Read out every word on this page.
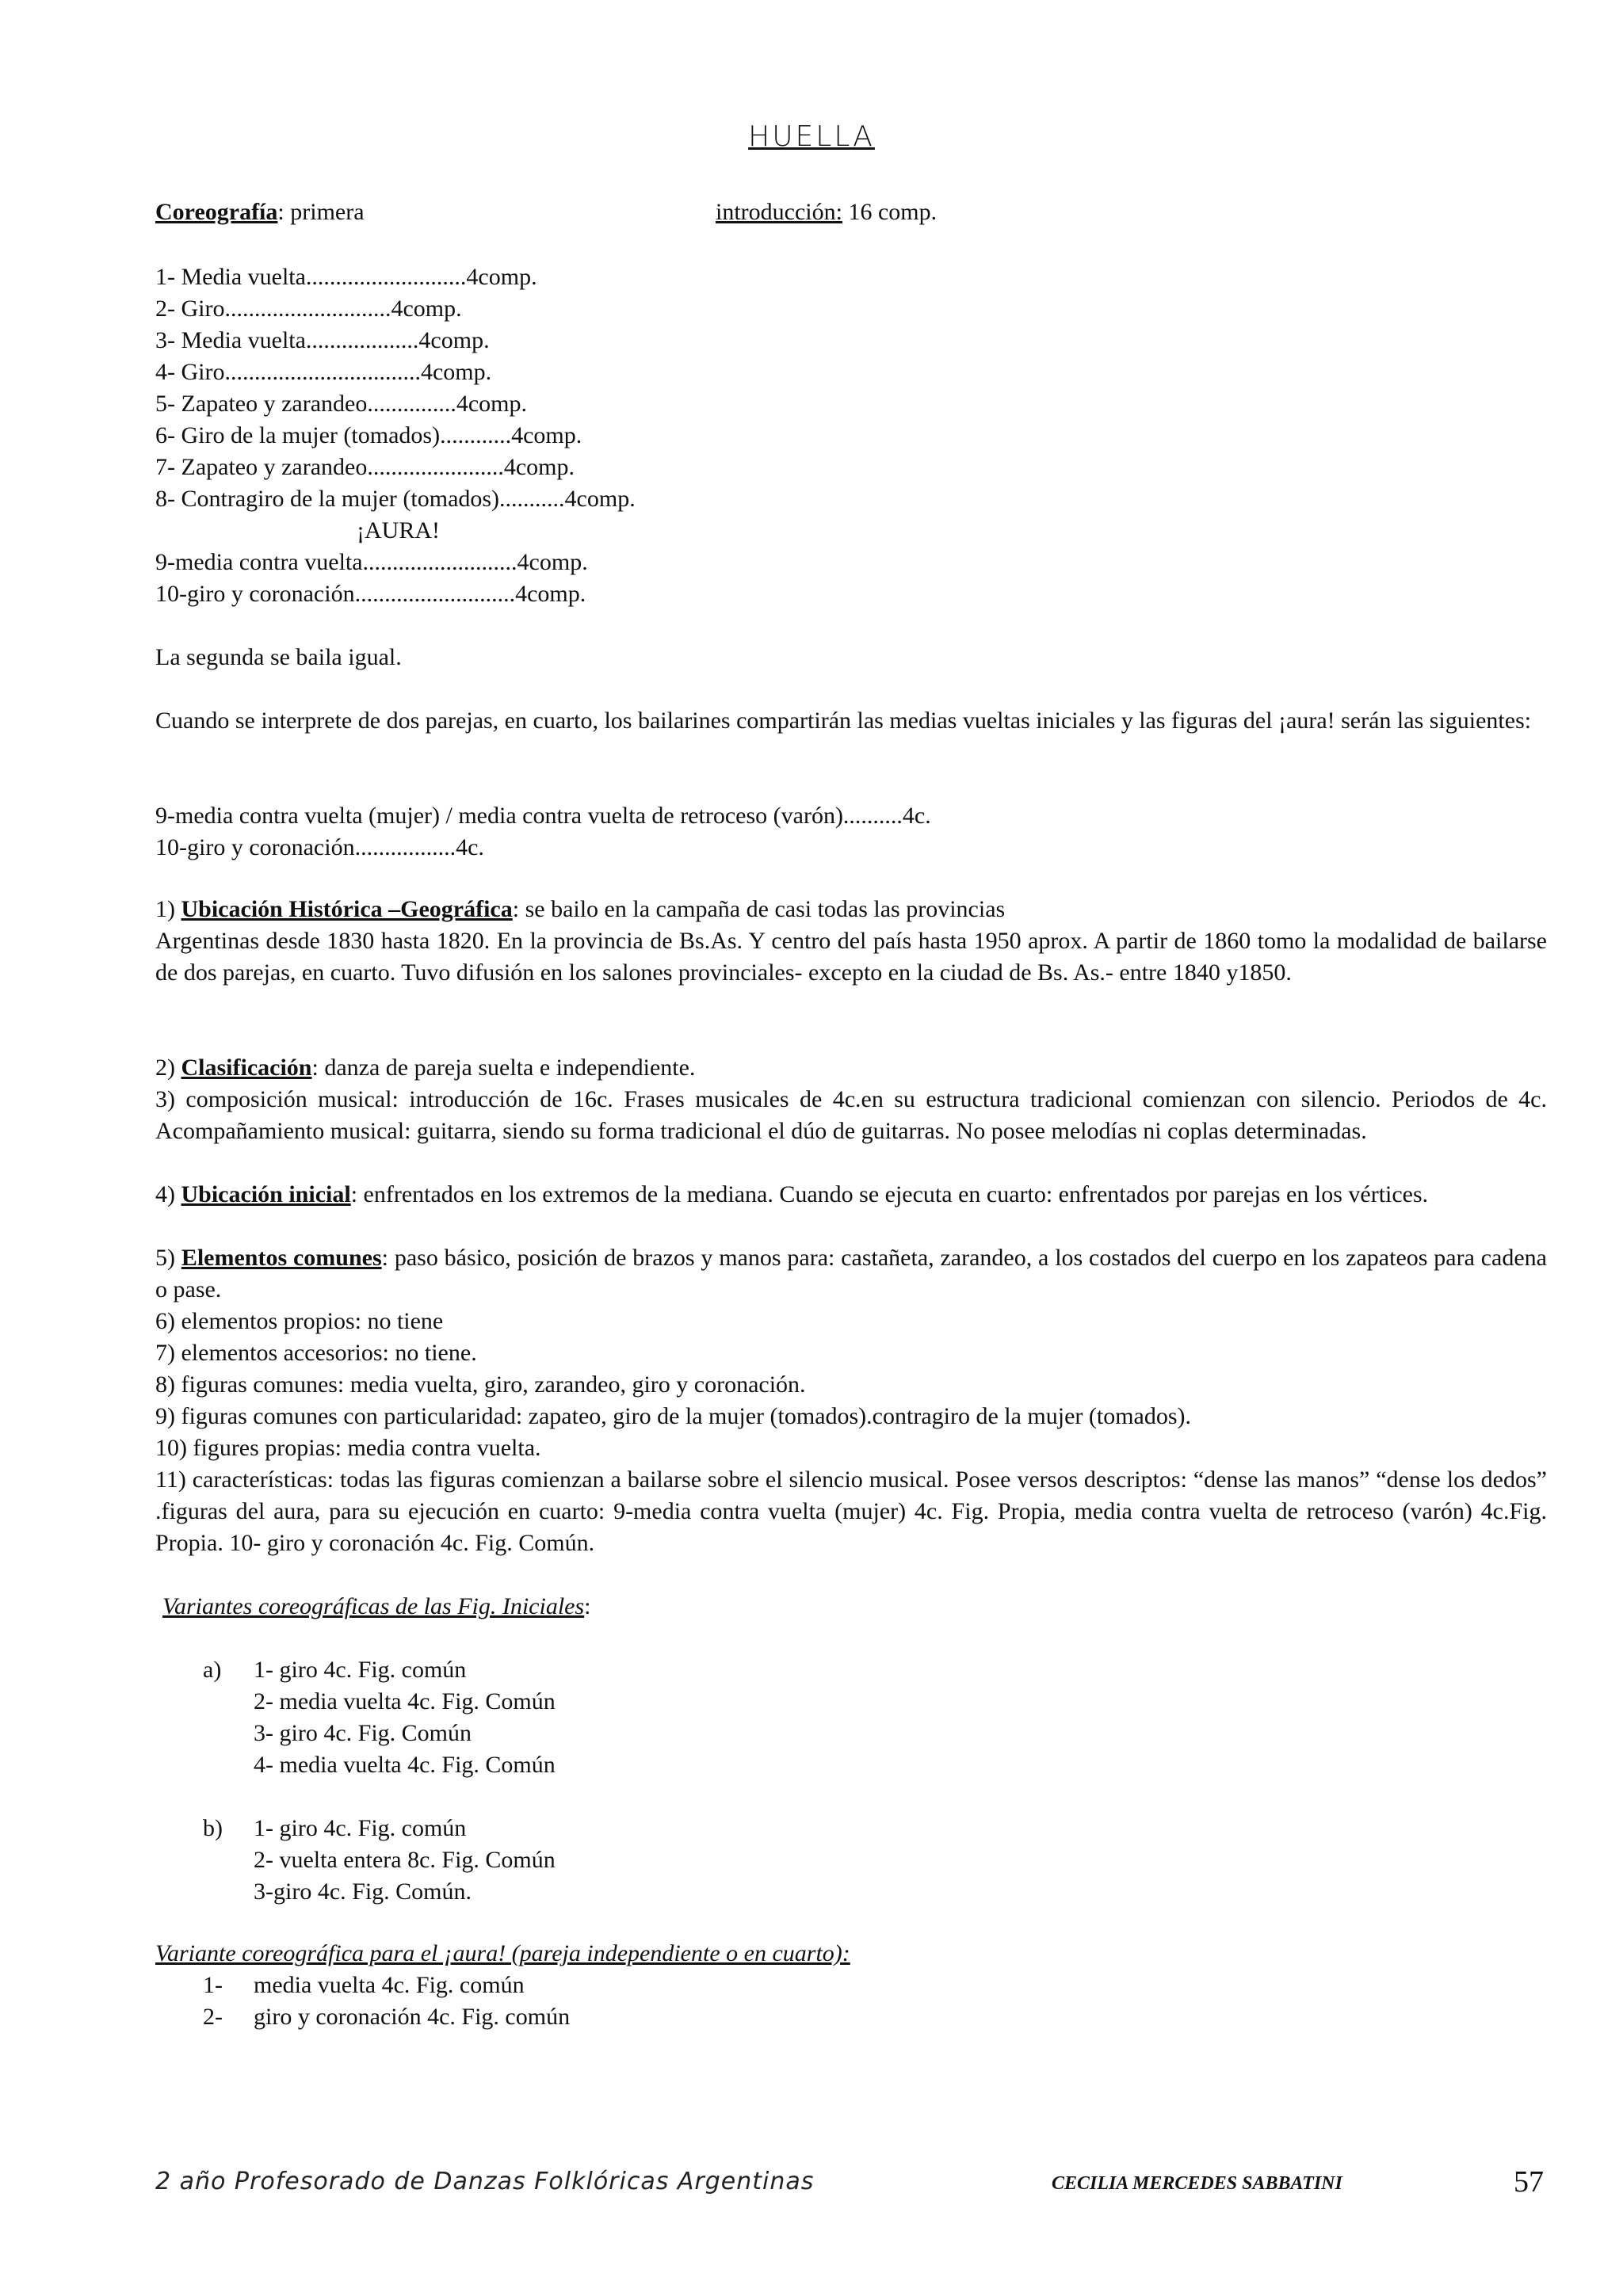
HUELLA
Coreografía: primera	introducción: 16 comp.
1- Media vuelta...........................4comp.
2- Giro............................4comp.
3- Media vuelta...................4comp.
4- Giro.................................4comp.
5- Zapateo y zarandeo...............4comp.
6- Giro de la mujer (tomados)............4comp.
7- Zapateo y zarandeo.......................4comp.
8- Contragiro de la mujer (tomados)...........4comp.
¡AURA!
9-media contra vuelta..........................4comp.
10-giro y coronación...........................4comp.
La segunda se baila igual.
Cuando se interprete de dos parejas, en cuarto, los bailarines compartirán las medias vueltas iniciales y las figuras del ¡aura! serán las siguientes:
9-media contra vuelta (mujer) / media contra vuelta de retroceso (varón)..........4c.
10-giro y coronación.................4c.
1) Ubicación Histórica –Geográfica: se bailo en la campaña de casi todas las provincias
Argentinas desde 1830 hasta 1820. En la provincia de Bs.As. Y centro del país hasta 1950 aprox. A partir de 1860 tomo la modalidad de bailarse de dos parejas, en cuarto. Tuvo difusión en los salones provinciales- excepto en la ciudad de Bs. As.- entre 1840 y1850.
2) Clasificación: danza de pareja suelta e independiente.
3) composición musical: introducción de 16c. Frases musicales de 4c.en su estructura tradicional comienzan con silencio. Periodos de 4c. Acompañamiento musical: guitarra, siendo su forma tradicional el dúo de guitarras. No posee melodías ni coplas determinadas.
4) Ubicación inicial: enfrentados en los extremos de la mediana. Cuando se ejecuta en cuarto: enfrentados por parejas en los vértices.
5) Elementos comunes: paso básico, posición de brazos y manos para: castañeta, zarandeo, a los costados del cuerpo en los zapateos para cadena o pase.
6) elementos propios: no tiene
7) elementos accesorios: no tiene.
8) figuras comunes: media vuelta, giro, zarandeo, giro y coronación.
9) figuras comunes con particularidad: zapateo, giro de la mujer (tomados).contragiro de la mujer (tomados).
10) figures propias: media contra vuelta.
11) características: todas las figuras comienzan a bailarse sobre el silencio musical. Posee versos descriptos: “dense las manos” “dense los dedos” .figuras del aura, para su ejecución en cuarto: 9-media contra vuelta (mujer) 4c. Fig. Propia, media contra vuelta de retroceso (varón) 4c.Fig. Propia. 10- giro y coronación 4c. Fig. Común.
Variantes coreográficas de las Fig. Iniciales:
a) 1- giro 4c. Fig. común
2- media vuelta 4c. Fig. Común
3- giro 4c. Fig. Común
4- media vuelta 4c. Fig. Común
b) 1- giro 4c. Fig. común
2- vuelta entera 8c. Fig. Común
3-giro 4c. Fig. Común.
Variante coreográfica para el ¡aura! (pareja independiente o en cuarto):
1- media vuelta 4c. Fig. común
2- giro y coronación 4c. Fig. común
2 año Profesorado de Danzas Folklóricas Argentinas	CECILIA MERCEDES SABBATINI	57
